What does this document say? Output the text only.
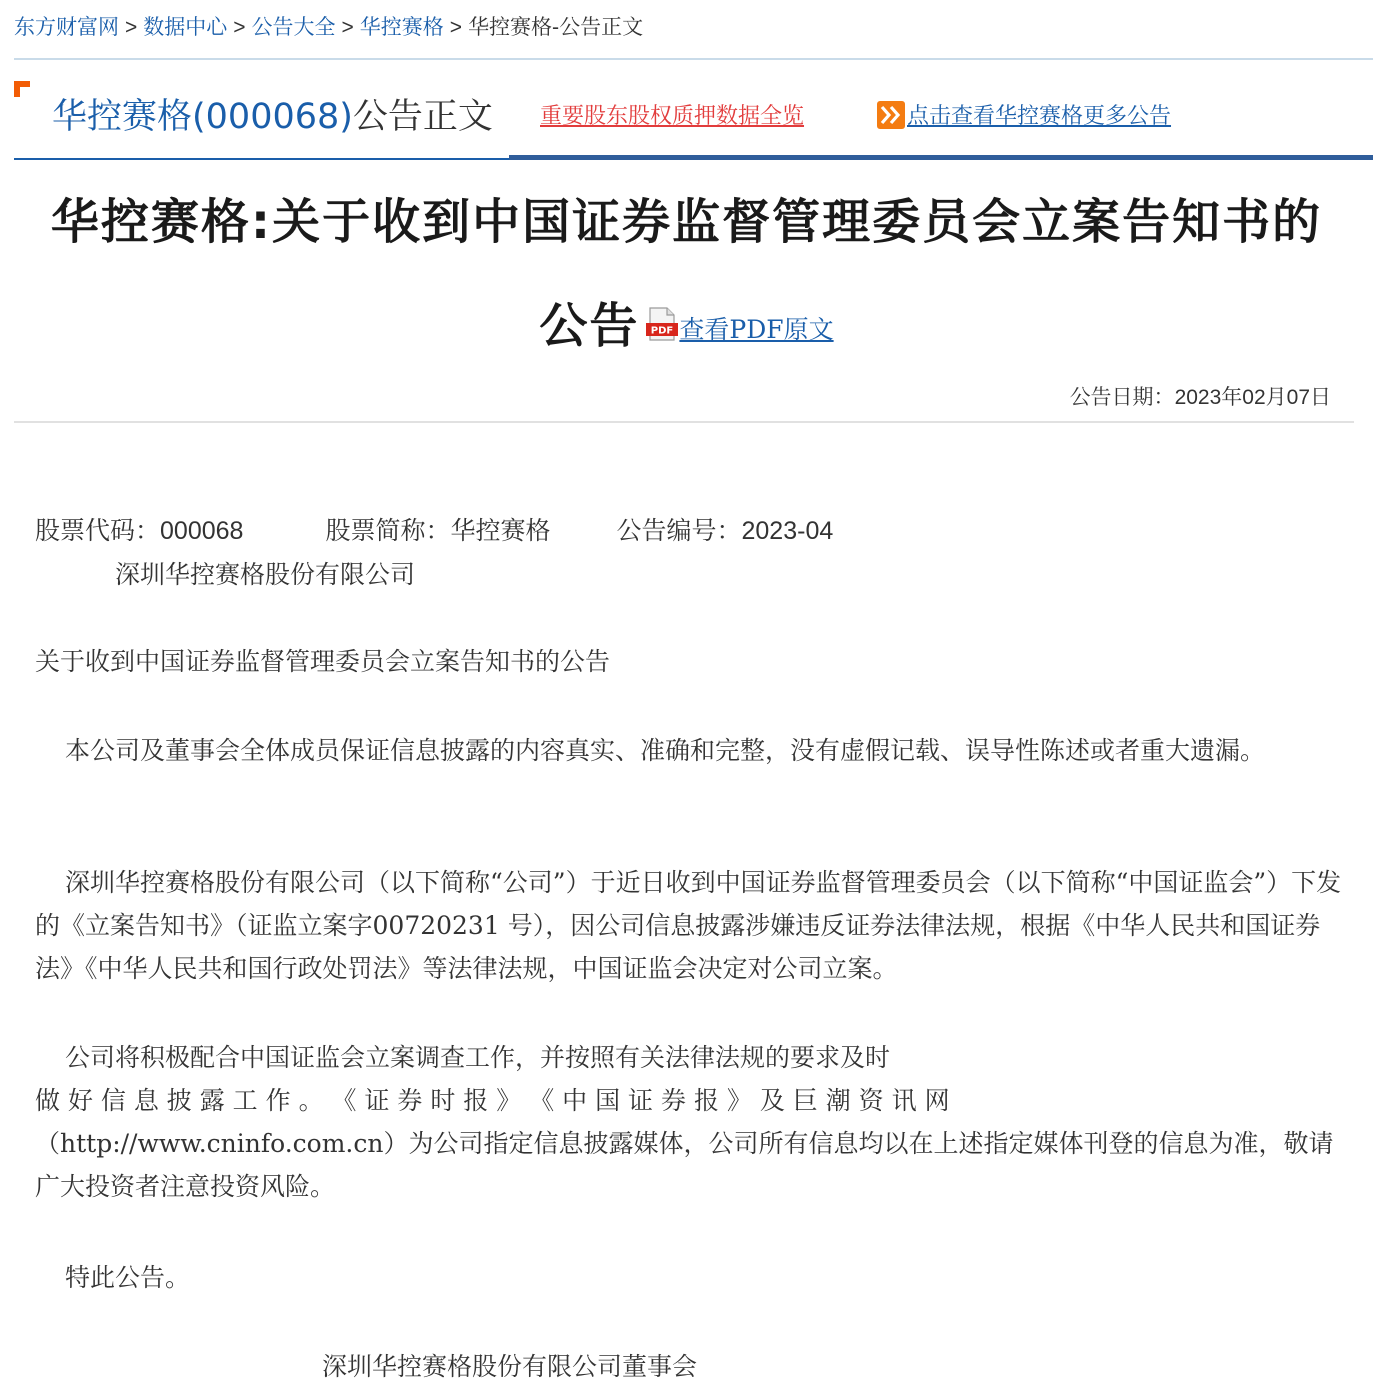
东方财富网 > 数据中心 > 公告大全 > 华控赛格 > 华控赛格-公告正文
华控赛格(000068)公告正文 重要股东股权质押数据全览	点击查看华控赛格更多公告
华控赛格:关于收到中国证券监督管理委员会立案告知书的
公告 PDF 查看PDF原文
公告日期：2023年02月07日
股票代码：000068	股票简称：华控赛格	公告编号：2023-04
深圳华控赛格股份有限公司
关于收到中国证券监督管理委员会立案告知书的公告

本公司及董事会全体成员保证信息披露的内容真实、准确和完整，没有虚假记载、误导性陈述或者重大遗漏。

深圳华控赛格股份有限公司（以下简称“公司”）于近日收到中国证券监督管理委员会（以下简称“中国证监会”）下发的《立案告知书》（证监立案字00720231 号），因公司信息披露涉嫌违反证券法律法规，根据《中华人民共和国证券法》《中华人民共和国行政处罚法》等法律法规，中国证监会决定对公司立案。

公司将积极配合中国证监会立案调查工作，并按照有关法律法规的要求及时

做 好 信 息 披 露 工 作 。 《 证 券 时 报 》 《 中 国 证 券 报 》 及 巨 潮 资 讯 网

（http://www.cninfo.com.cn）为公司指定信息披露媒体，公司所有信息均以在上述指定媒体刊登的信息为准，敬请广大投资者注意投资风险。

特此公告。
深圳华控赛格股份有限公司董事会
